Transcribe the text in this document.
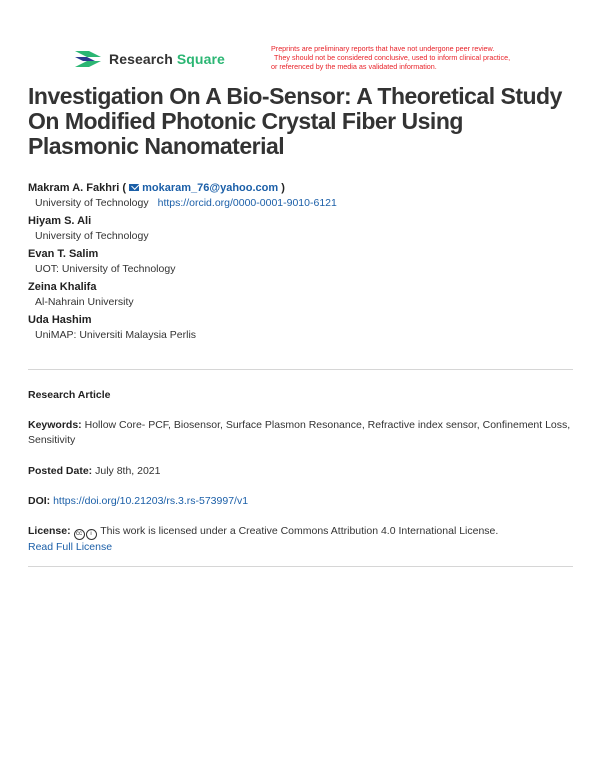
Research Square
Preprints are preliminary reports that have not undergone peer review.
They should not be considered conclusive, used to inform clinical practice,
or referenced by the media as validated information.
Investigation On A Bio-Sensor: A Theoretical Study On Modified Photonic Crystal Fiber Using Plasmonic Nanomaterial
Makram A. Fakhri ( mokaram_76@yahoo.com )
University of Technology https://orcid.org/0000-0001-9010-6121
Hiyam S. Ali
University of Technology
Evan T. Salim
UOT: University of Technology
Zeina Khalifa
Al-Nahrain University
Uda Hashim
UniMAP: Universiti Malaysia Perlis
Research Article
Keywords: Hollow Core- PCF, Biosensor, Surface Plasmon Resonance, Refractive index sensor, Confinement Loss, Sensitivity
Posted Date: July 8th, 2021
DOI: https://doi.org/10.21203/rs.3.rs-573997/v1
License: cc i This work is licensed under a Creative Commons Attribution 4.0 International License.
Read Full License
